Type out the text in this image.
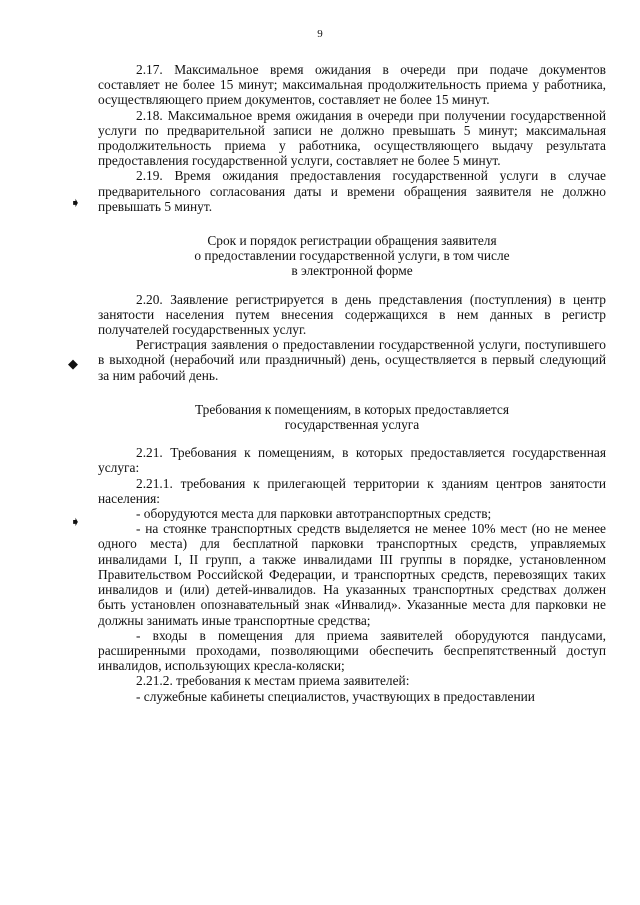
9
➧
◆
➧

2.17. Максимальное время ожидания в очереди при подаче документов составляет не более 15 минут; максимальная продолжительность приема у работника, осуществляющего прием документов, составляет не более 15 минут.

2.18. Максимальное время ожидания в очереди при получении государственной услуги по предварительной записи не должно превышать 5 минут; максимальная продолжительность приема у работника, осуществляющего выдачу результата предоставления государственной услуги, составляет не более 5 минут.

2.19. Время ожидания предоставления государственной услуги в случае предварительного согласования даты и времени обращения заявителя не должно превышать 5 минут.

Срок и порядок регистрации обращения заявителя
о предоставлении государственной услуги, в том числе
в электронной форме

2.20. Заявление регистрируется в день представления (поступления) в центр занятости населения путем внесения содержащихся в нем данных в регистр получателей государственных услуг.

Регистрация заявления о предоставлении государственной услуги, поступившего в выходной (нерабочий или праздничный) день, осуществляется в первый следующий за ним рабочий день.

Требования к помещениям, в которых предоставляется
государственная услуга

2.21. Требования к помещениям, в которых предоставляется государственная услуга:

2.21.1. требования к прилегающей территории к зданиям центров занятости населения:

- оборудуются места для парковки автотранспортных средств;

- на стоянке транспортных средств выделяется не менее 10% мест (но не менее одного места) для бесплатной парковки транспортных средств, управляемых инвалидами I, II групп, а также инвалидами III группы в порядке, установленном Правительством Российской Федерации, и транспортных средств, перевозящих таких инвалидов и (или) детей-инвалидов. На указанных транспортных средствах должен быть установлен опознавательный знак «Инвалид». Указанные места для парковки не должны занимать иные транспортные средства;

- входы в помещения для приема заявителей оборудуются пандусами, расширенными проходами, позволяющими обеспечить беспрепятственный доступ инвалидов, использующих кресла-коляски;

2.21.2. требования к местам приема заявителей:

- служебные кабинеты специалистов, участвующих в предоставлении
